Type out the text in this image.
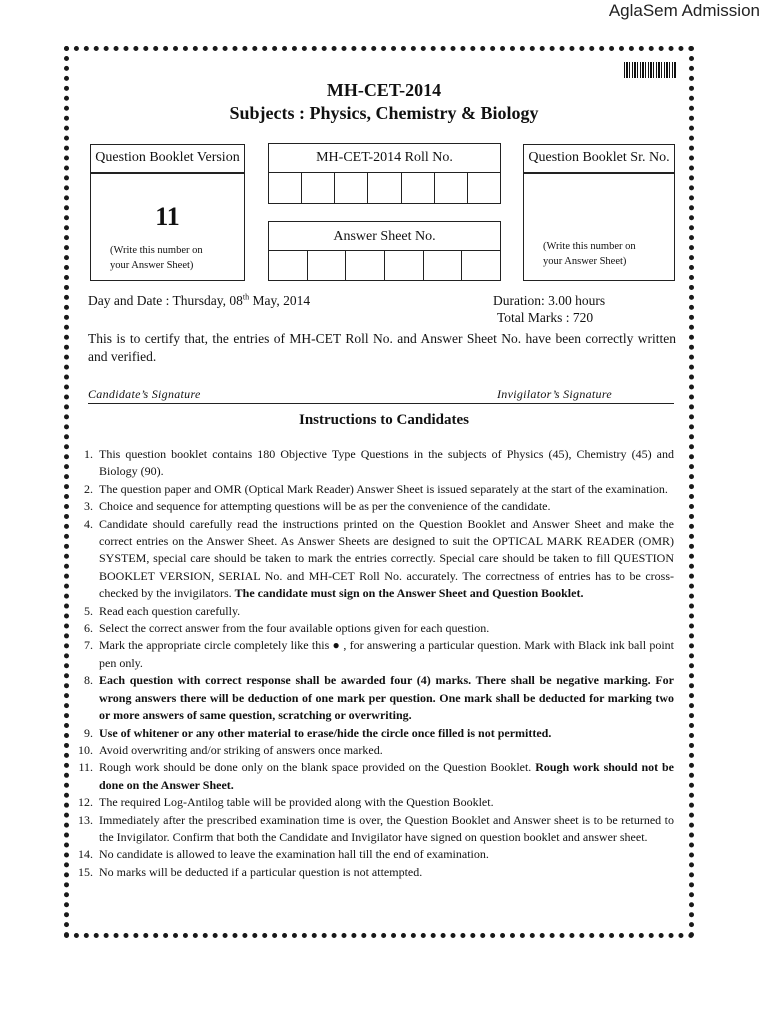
AglaSem Admission
MH-CET-2014
Subjects : Physics, Chemistry & Biology
Question Booklet Version
11
(Write this number on
your Answer Sheet)
MH-CET-2014 Roll No.
Answer Sheet No.
Question Booklet Sr. No.
(Write this number on
your Answer Sheet)
Day and Date : Thursday, 08th May, 2014	Duration: 3.00 hours
Total Marks : 720
This is to certify that, the entries of MH-CET Roll No. and Answer Sheet No. have been correctly written and verified.
Candidate’s Signature	Invigilator’s Signature
Instructions to Candidates
1. This question booklet contains 180 Objective Type Questions in the subjects of Physics (45), Chemistry (45) and Biology (90).
2. The question paper and OMR (Optical Mark Reader) Answer Sheet is issued separately at the start of the examination.
3. Choice and sequence for attempting questions will be as per the convenience of the candidate.
4. Candidate should carefully read the instructions printed on the Question Booklet and Answer Sheet and make the correct entries on the Answer Sheet. As Answer Sheets are designed to suit the OPTICAL MARK READER (OMR) SYSTEM, special care should be taken to mark the entries correctly. Special care should be taken to fill QUESTION BOOKLET VERSION, SERIAL No. and MH-CET Roll No. accurately. The correctness of entries has to be cross-checked by the invigilators. The candidate must sign on the Answer Sheet and Question Booklet.
5. Read each question carefully.
6. Select the correct answer from the four available options given for each question.
7. Mark the appropriate circle completely like this ● , for answering a particular question. Mark with Black ink ball point pen only.
8. Each question with correct response shall be awarded four (4) marks. There shall be negative marking. For wrong answers there will be deduction of one mark per question. One mark shall be deducted for marking two or more answers of same question, scratching or overwriting.
9. Use of whitener or any other material to erase/hide the circle once filled is not permitted.
10. Avoid overwriting and/or striking of answers once marked.
11. Rough work should be done only on the blank space provided on the Question Booklet. Rough work should not be done on the Answer Sheet.
12. The required Log-Antilog table will be provided along with the Question Booklet.
13. Immediately after the prescribed examination time is over, the Question Booklet and Answer sheet is to be returned to the Invigilator. Confirm that both the Candidate and Invigilator have signed on question booklet and answer sheet.
14. No candidate is allowed to leave the examination hall till the end of examination.
15. No marks will be deducted if a particular question is not attempted.
